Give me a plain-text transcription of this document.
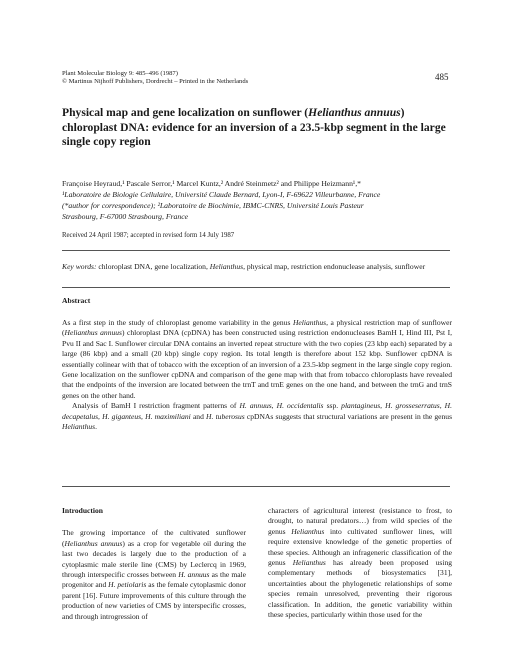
Plant Molecular Biology 9: 485–496 (1987)
© Martinus Nijhoff Publishers, Dordrecht – Printed in the Netherlands	485
Physical map and gene localization on sunflower (Helianthus annuus) chloroplast DNA: evidence for an inversion of a 23.5-kbp segment in the large single copy region
Françoise Heyraud,¹ Pascale Serror,¹ Marcel Kuntz,² André Steinmetz² and Philippe Heizmann¹,*
¹Laboratoire de Biologie Cellulaire, Université Claude Bernard, Lyon-I, F-69622 Villeurbanne, France
(*author for correspondence); ²Laboratoire de Biochimie, IBMC-CNRS, Université Louis Pasteur
Strasbourg, F-67000 Strasbourg, France
Received 24 April 1987; accepted in revised form 14 July 1987
Key words: chloroplast DNA, gene localization, Helianthus, physical map, restriction endonuclease analysis, sunflower
Abstract

As a first step in the study of chloroplast genome variability in the genus Helianthus, a physical restriction map of sunflower (Helianthus annuus) chloroplast DNA (cpDNA) has been constructed using restriction endonucleases BamH I, Hind III, Pst I, Pvu II and Sac I. Sunflower circular DNA contains an inverted repeat structure with the two copies (23 kbp each) separated by a large (86 kbp) and a small (20 kbp) single copy region. Its total length is therefore about 152 kbp. Sunflower cpDNA is essentially colinear with that of tobacco with the exception of an inversion of a 23.5-kbp segment in the large single copy region. Gene localization on the sunflower cpDNA and comparison of the gene map with that from tobacco chloroplasts have revealed that the endpoints of the inversion are located between the trnT and trnE genes on the one hand, and between the trnG and trnS genes on the other hand.

Analysis of BamH I restriction fragment patterns of H. annuus, H. occidentalis ssp. plantagineus, H. grosseserratus, H. decapetalus, H. giganteus, H. maximiliani and H. tuberosus cpDNAs suggests that structural variations are present in the genus Helianthus.

Introduction

The growing importance of the cultivated sunflower (Helianthus annuus) as a crop for vegetable oil during the last two decades is largely due to the production of a cytoplasmic male sterile line (CMS) by Leclercq in 1969, through interspecific crosses between H. annuus as the male progenitor and H. petiolaris as the female cytoplasmic donor parent [16]. Future improvements of this culture through the production of new varieties of CMS by interspecific crosses, and through introgression of

characters of agricultural interest (resistance to frost, to drought, to natural predators…) from wild species of the genus Helianthus into cultivated sunflower lines, will require extensive knowledge of the genetic properties of these species. Although an infrageneric classification of the genus Helianthus has already been proposed using complementary methods of biosystematics [31], uncertainties about the phylogenetic relationships of some species remain unresolved, preventing their rigorous classification. In addition, the genetic variability within these species, particularly within those used for the
